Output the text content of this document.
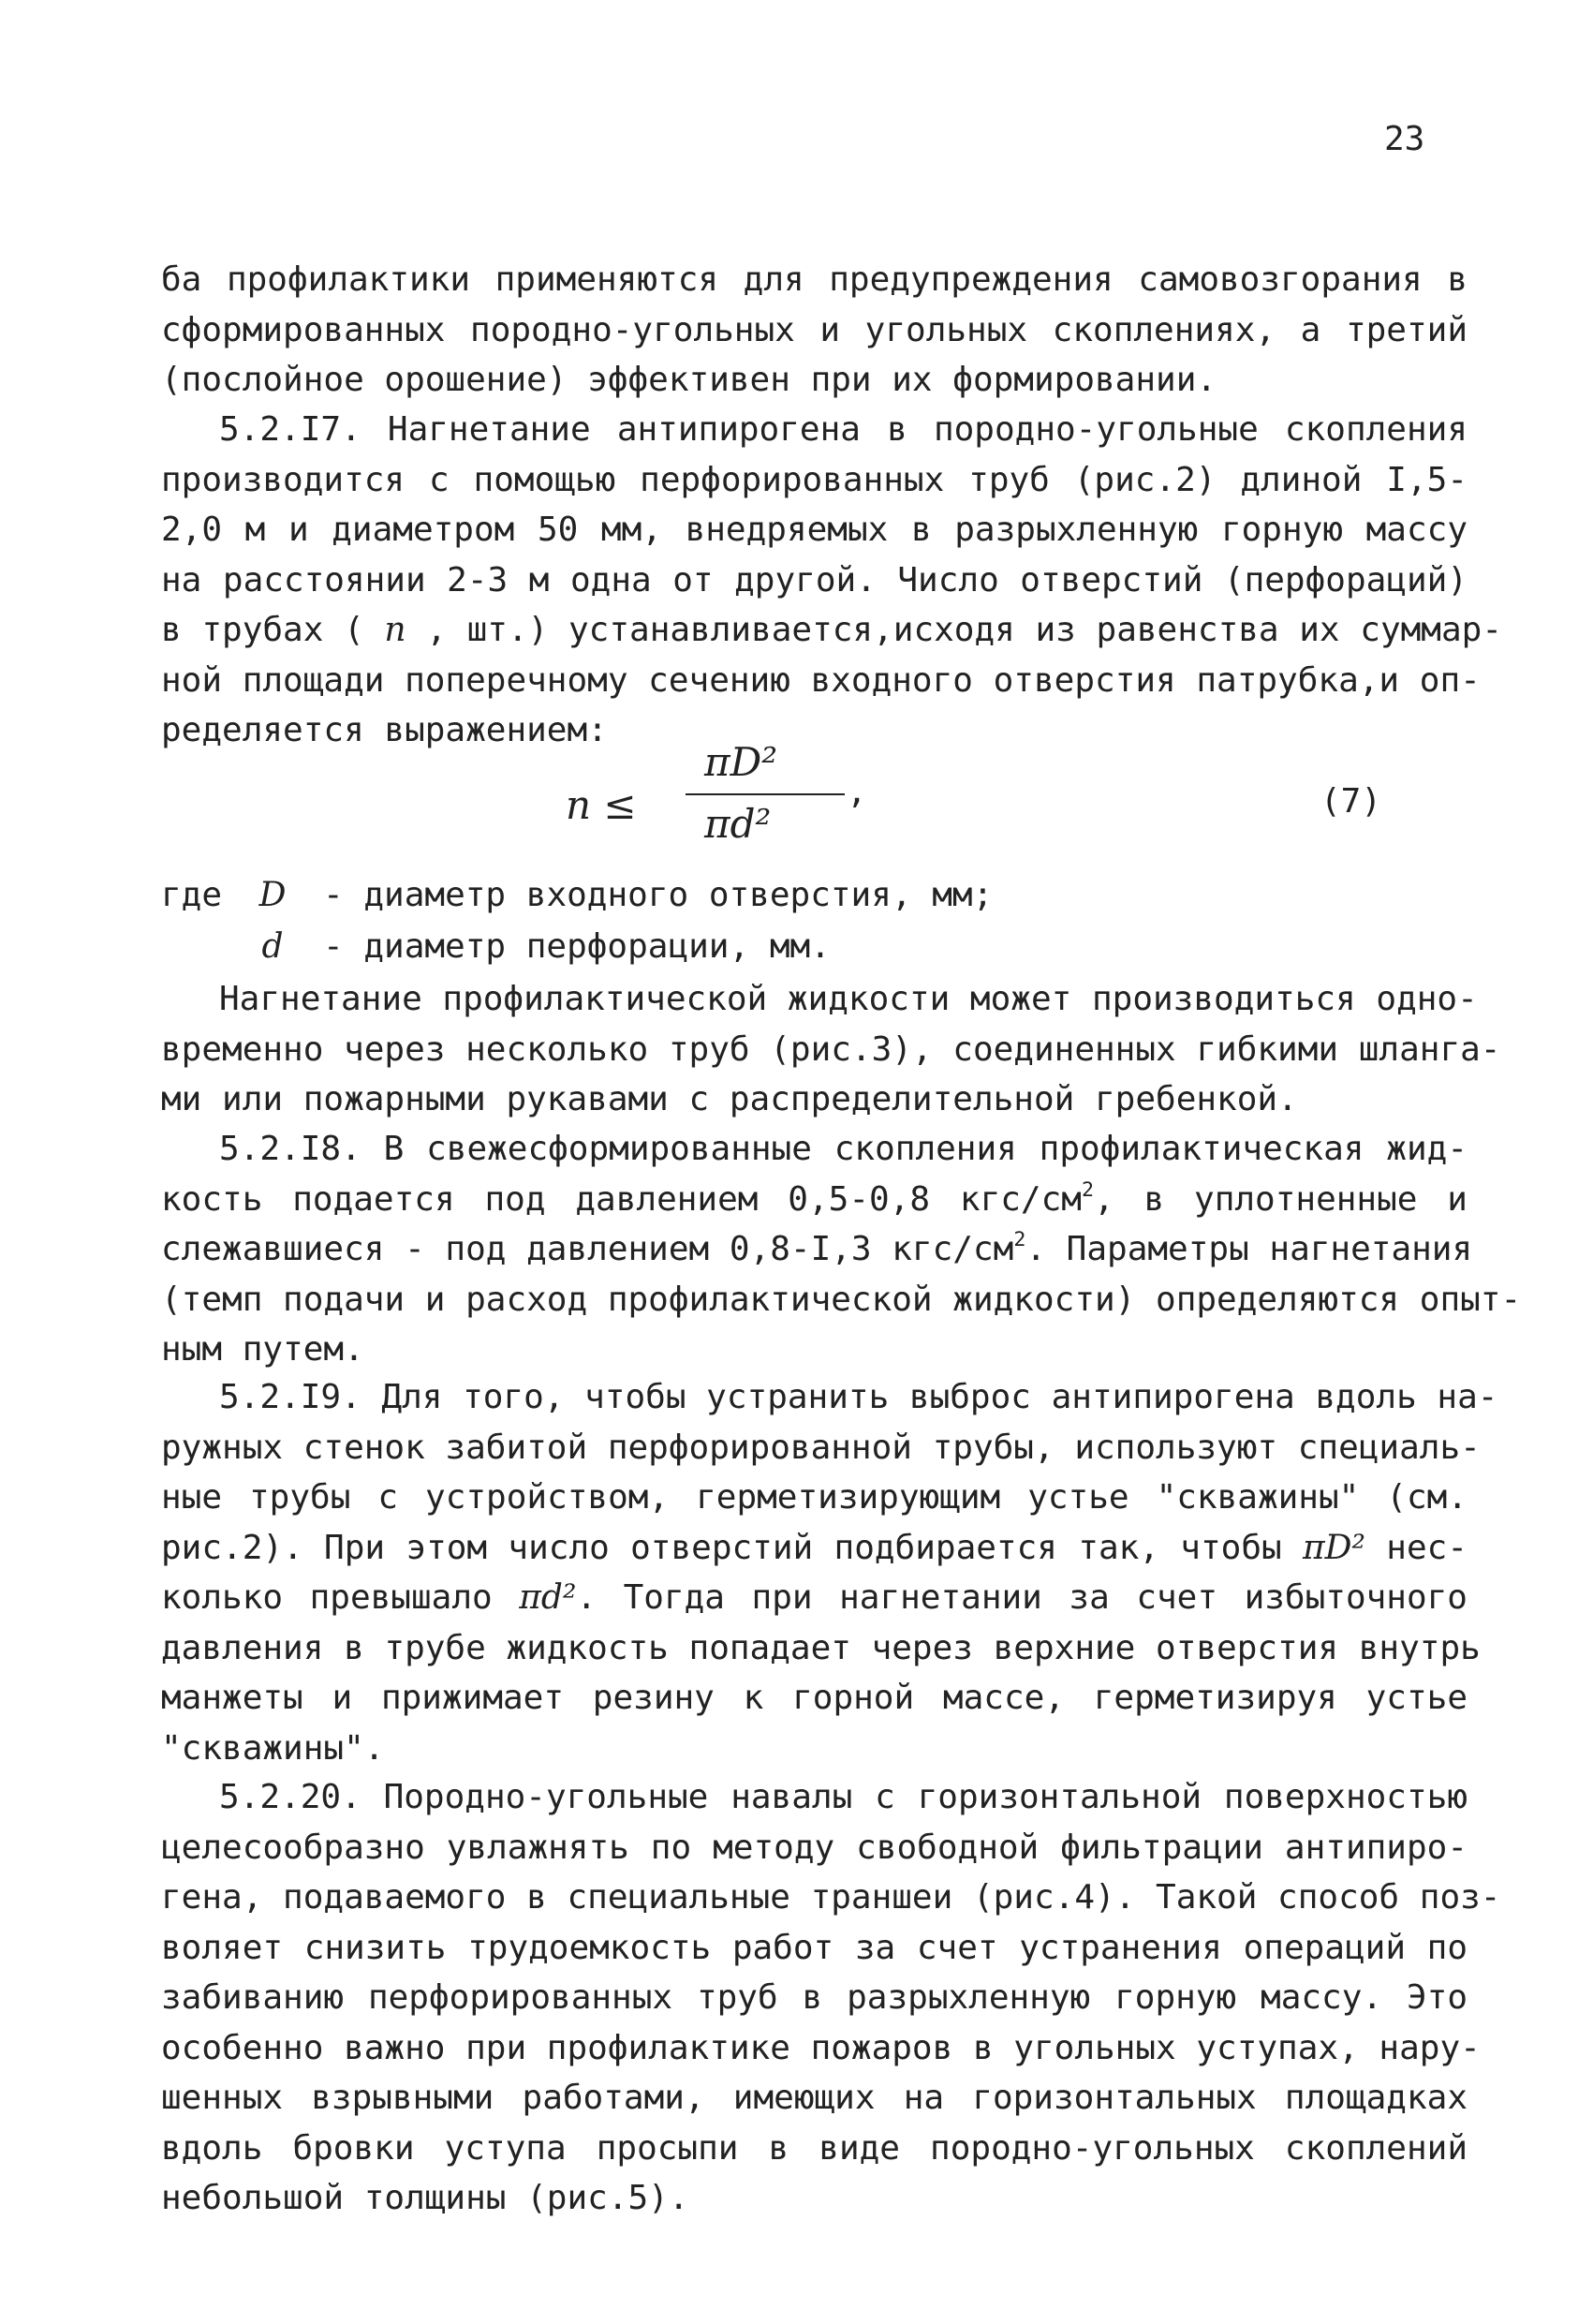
23
ба профилактики применяются для предупреждения самовозгорания в
сформированных породно-угольных и угольных скоплениях, а третий
(послойное орошение) эффективен при их формировании.
5.2.I7. Нагнетание антипирогена в породно-угольные скопления
производится с помощью перфорированных труб (рис.2) длиной I,5-
2,0 м и диаметром 50 мм, внедряемых в разрыхленную горную массу
на расстоянии 2-3 м одна от другой. Число отверстий (перфораций)
в трубах ( n , шт.) устанавливается,исходя из равенства их суммар-
ной площади поперечному сечению входного отверстия патрубка,и оп-
ределяется выражением:
n ≤
πD²
πd²
,	(7)
где D - диаметр входного отверстия, мм;
d - диаметр перфорации, мм.
Нагнетание профилактической жидкости может производиться одно-
временно через несколько труб (рис.3), соединенных гибкими шланга-
ми или пожарными рукавами с распределительной гребенкой.
5.2.I8. В свежесформированные скопления профилактическая жид-
кость подается под давлением 0,5-0,8 кгс/$см^2$, в уплотненные и
слежавшиеся - под давлением 0,8-I,3 кгс/$см^2$. Параметры нагнетания
(темп подачи и расход профилактической жидкости) определяются опыт-
ным путем.
5.2.I9. Для того, чтобы устранить выброс антипирогена вдоль на-
ружных стенок забитой перфорированной трубы, используют специаль-
ные трубы с устройством, герметизирующим устье "скважины" (см.
рис.2). При этом число отверстий подбирается так, чтобы πD² нес-
колько превышало πd². Тогда при нагнетании за счет избыточного
давления в трубе жидкость попадает через верхние отверстия внутрь
манжеты и прижимает резину к горной массе, герметизируя устье
"скважины".
5.2.20. Породно-угольные навалы с горизонтальной поверхностью
целесообразно увлажнять по методу свободной фильтрации антипиро-
гена, подаваемого в специальные траншеи (рис.4). Такой способ поз-
воляет снизить трудоемкость работ за счет устранения операций по
забиванию перфорированных труб в разрыхленную горную массу. Это
особенно важно при профилактике пожаров в угольных уступах, нару-
шенных взрывными работами, имеющих на горизонтальных площадках
вдоль бровки уступа просыпи в виде породно-угольных скоплений
небольшой толщины (рис.5).
